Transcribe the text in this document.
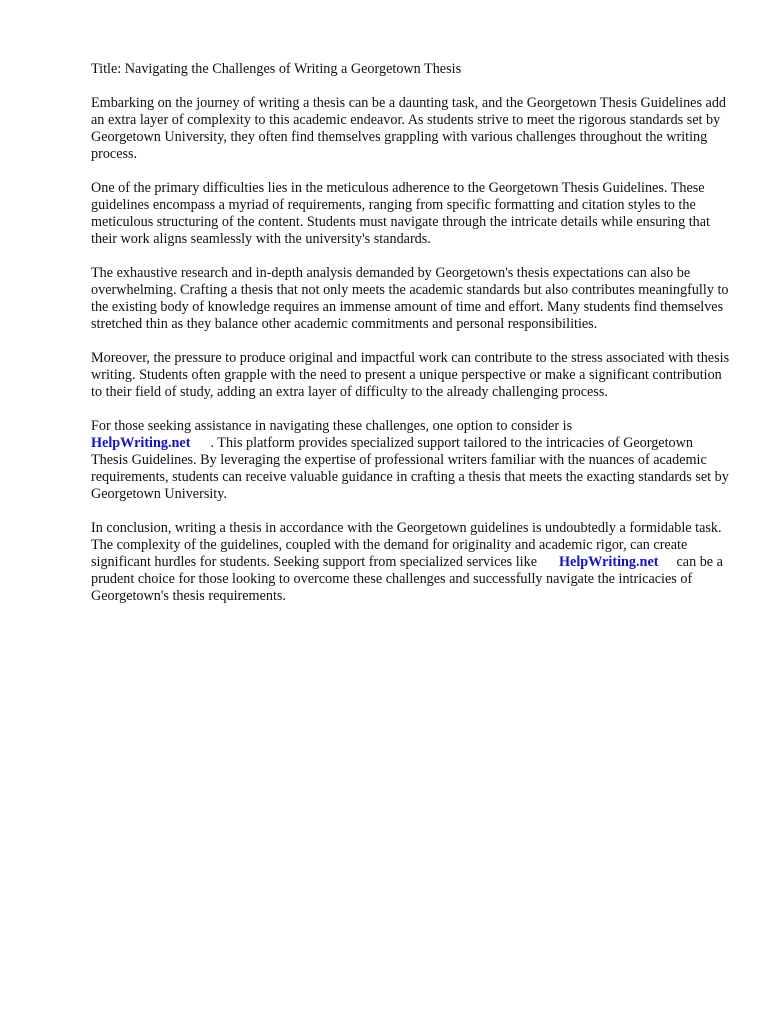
Title: Navigating the Challenges of Writing a Georgetown Thesis

Embarking on the journey of writing a thesis can be a daunting task, and the Georgetown Thesis Guidelines add an extra layer of complexity to this academic endeavor. As students strive to meet the rigorous standards set by Georgetown University, they often find themselves grappling with various challenges throughout the writing process.

One of the primary difficulties lies in the meticulous adherence to the Georgetown Thesis Guidelines. These guidelines encompass a myriad of requirements, ranging from specific formatting and citation styles to the meticulous structuring of the content. Students must navigate through the intricate details while ensuring that their work aligns seamlessly with the university's standards.

The exhaustive research and in-depth analysis demanded by Georgetown's thesis expectations can also be overwhelming. Crafting a thesis that not only meets the academic standards but also contributes meaningfully to the existing body of knowledge requires an immense amount of time and effort. Many students find themselves stretched thin as they balance other academic commitments and personal responsibilities.

Moreover, the pressure to produce original and impactful work can contribute to the stress associated with thesis writing. Students often grapple with the need to present a unique perspective or make a significant contribution to their field of study, adding an extra layer of difficulty to the already challenging process.

For those seeking assistance in navigating these challenges, one option to consider is
HelpWriting.net . This platform provides specialized support tailored to the intricacies of Georgetown Thesis Guidelines. By leveraging the expertise of professional writers familiar with the nuances of academic requirements, students can receive valuable guidance in crafting a thesis that meets the exacting standards set by Georgetown University.

In conclusion, writing a thesis in accordance with the Georgetown guidelines is undoubtedly a formidable task. The complexity of the guidelines, coupled with the demand for originality and academic rigor, can create significant hurdles for students. Seeking support from specialized services like HelpWriting.net can be a prudent choice for those looking to overcome these challenges and successfully navigate the intricacies of Georgetown's thesis requirements.
